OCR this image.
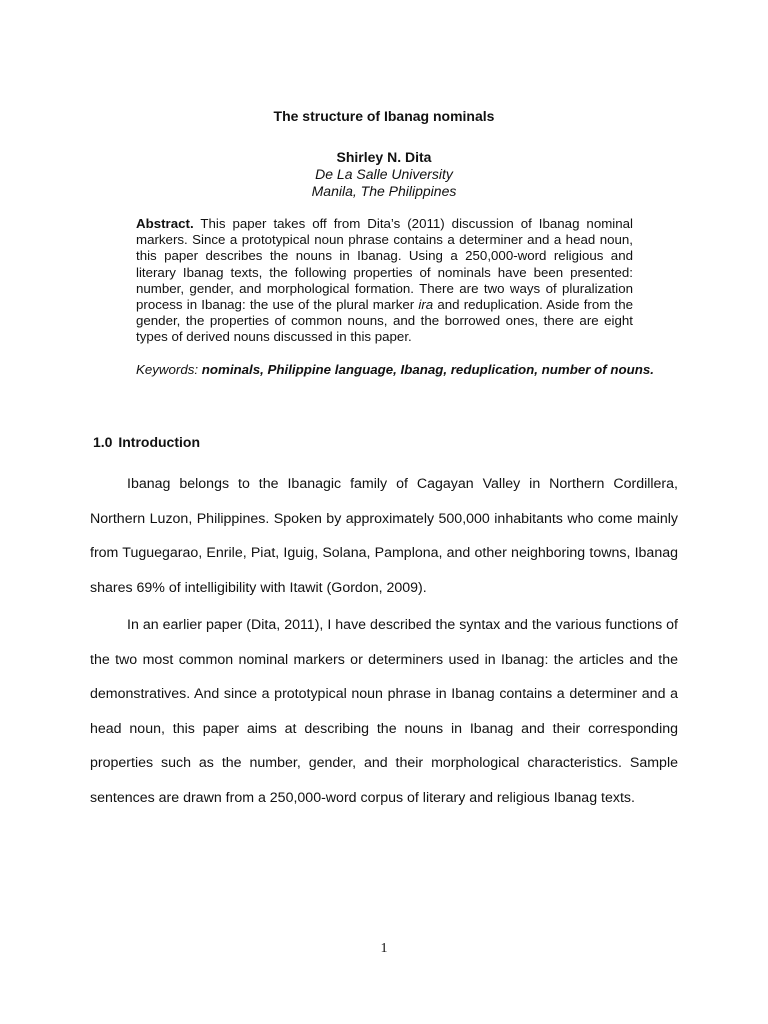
The structure of Ibanag nominals
Shirley N. Dita
De La Salle University
Manila, The Philippines
Abstract. This paper takes off from Dita’s (2011) discussion of Ibanag nominal markers. Since a prototypical noun phrase contains a determiner and a head noun, this paper describes the nouns in Ibanag. Using a 250,000-word religious and literary Ibanag texts, the following properties of nominals have been presented: number, gender, and morphological formation. There are two ways of pluralization process in Ibanag: the use of the plural marker ira and reduplication. Aside from the gender, the properties of common nouns, and the borrowed ones, there are eight types of derived nouns discussed in this paper.
Keywords: nominals, Philippine language, Ibanag, reduplication, number of nouns.
1.0 Introduction

Ibanag belongs to the Ibanagic family of Cagayan Valley in Northern Cordillera, Northern Luzon, Philippines. Spoken by approximately 500,000 inhabitants who come mainly from Tuguegarao, Enrile, Piat, Iguig, Solana, Pamplona, and other neighboring towns, Ibanag shares 69% of intelligibility with Itawit (Gordon, 2009).

In an earlier paper (Dita, 2011), I have described the syntax and the various functions of the two most common nominal markers or determiners used in Ibanag: the articles and the demonstratives. And since a prototypical noun phrase in Ibanag contains a determiner and a head noun, this paper aims at describing the nouns in Ibanag and their corresponding properties such as the number, gender, and their morphological characteristics. Sample sentences are drawn from a 250,000-word corpus of literary and religious Ibanag texts.

1
